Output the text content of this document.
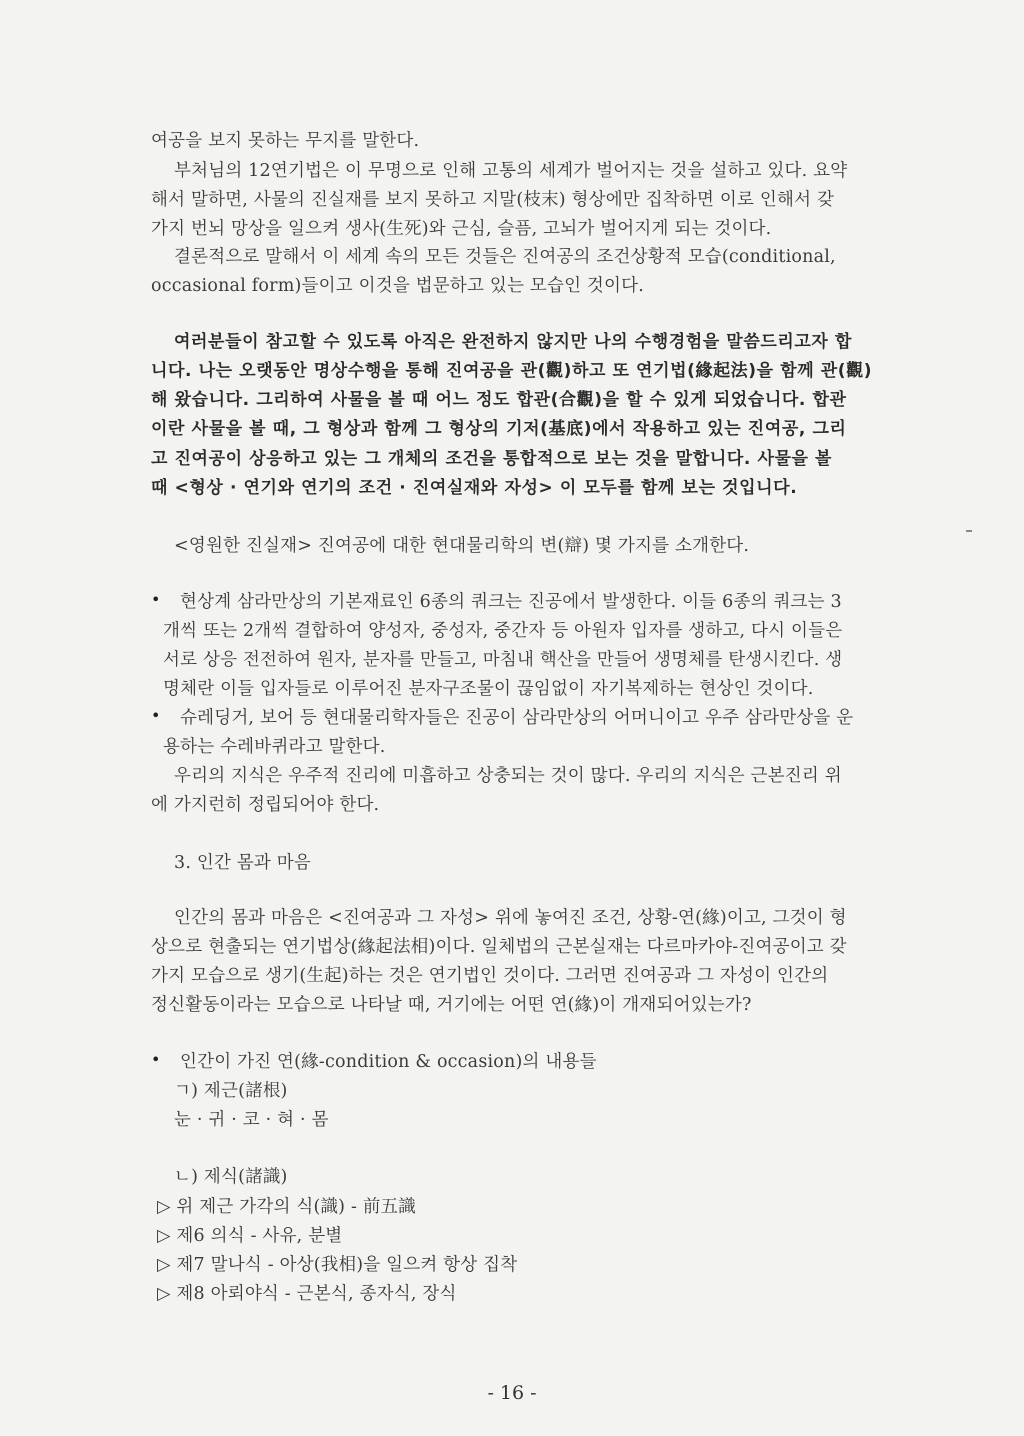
여공을 보지 못하는 무지를 말한다.
부처님의 12연기법은 이 무명으로 인해 고통의 세계가 벌어지는 것을 설하고 있다. 요약
해서 말하면, 사물의 진실재를 보지 못하고 지말(枝末) 형상에만 집착하면 이로 인해서 갖
가지 번뇌 망상을 일으켜 생사(生死)와 근심, 슬픔, 고뇌가 벌어지게 되는 것이다.
결론적으로 말해서 이 세계 속의 모든 것들은 진여공의 조건상황적 모습(conditional,
occasional form)들이고 이것을 법문하고 있는 모습인 것이다.
여러분들이 참고할 수 있도록 아직은 완전하지 않지만 나의 수행경험을 말씀드리고자 합
니다. 나는 오랫동안 명상수행을 통해 진여공을 관(觀)하고 또 연기법(緣起法)을 함께 관(觀)
해 왔습니다. 그리하여 사물을 볼 때 어느 정도 합관(合觀)을 할 수 있게 되었습니다. 합관
이란 사물을 볼 때, 그 형상과 함께 그 형상의 기저(基底)에서 작용하고 있는 진여공, 그리
고 진여공이 상응하고 있는 그 개체의 조건을 통합적으로 보는 것을 말합니다. 사물을 볼
때 <형상 · 연기와 연기의 조건 · 진여실재와 자성> 이 모두를 함께 보는 것입니다.
<영원한 진실재> 진여공에 대한 현대물리학의 변(辯) 몇 가지를 소개한다.
• 현상계 삼라만상의 기본재료인 6종의 쿼크는 진공에서 발생한다. 이들 6종의 쿼크는 3
개씩 또는 2개씩 결합하여 양성자, 중성자, 중간자 등 아원자 입자를 생하고, 다시 이들은
서로 상응 전전하여 원자, 분자를 만들고, 마침내 핵산을 만들어 생명체를 탄생시킨다. 생
명체란 이들 입자들로 이루어진 분자구조물이 끊임없이 자기복제하는 현상인 것이다.
• 슈레딩거, 보어 등 현대물리학자들은 진공이 삼라만상의 어머니이고 우주 삼라만상을 운
용하는 수레바퀴라고 말한다.
우리의 지식은 우주적 진리에 미흡하고 상충되는 것이 많다. 우리의 지식은 근본진리 위
에 가지런히 정립되어야 한다.
3. 인간 몸과 마음
인간의 몸과 마음은 <진여공과 그 자성> 위에 놓여진 조건, 상황-연(緣)이고, 그것이 형
상으로 현출되는 연기법상(緣起法相)이다. 일체법의 근본실재는 다르마카야-진여공이고 갖
가지 모습으로 생기(生起)하는 것은 연기법인 것이다. 그러면 진여공과 그 자성이 인간의
정신활동이라는 모습으로 나타날 때, 거기에는 어떤 연(緣)이 개재되어있는가?
• 인간이 가진 연(緣-condition & occasion)의 내용들
ㄱ) 제근(諸根)
눈 · 귀 · 코 · 혀 · 몸
ㄴ) 제식(諸識)
▷ 위 제근 가각의 식(識) - 前五識
▷ 제6 의식 - 사유, 분별
▷ 제7 말나식 - 아상(我相)을 일으켜 항상 집착
▷ 제8 아뢰야식 - 근본식, 종자식, 장식
- 16 -
